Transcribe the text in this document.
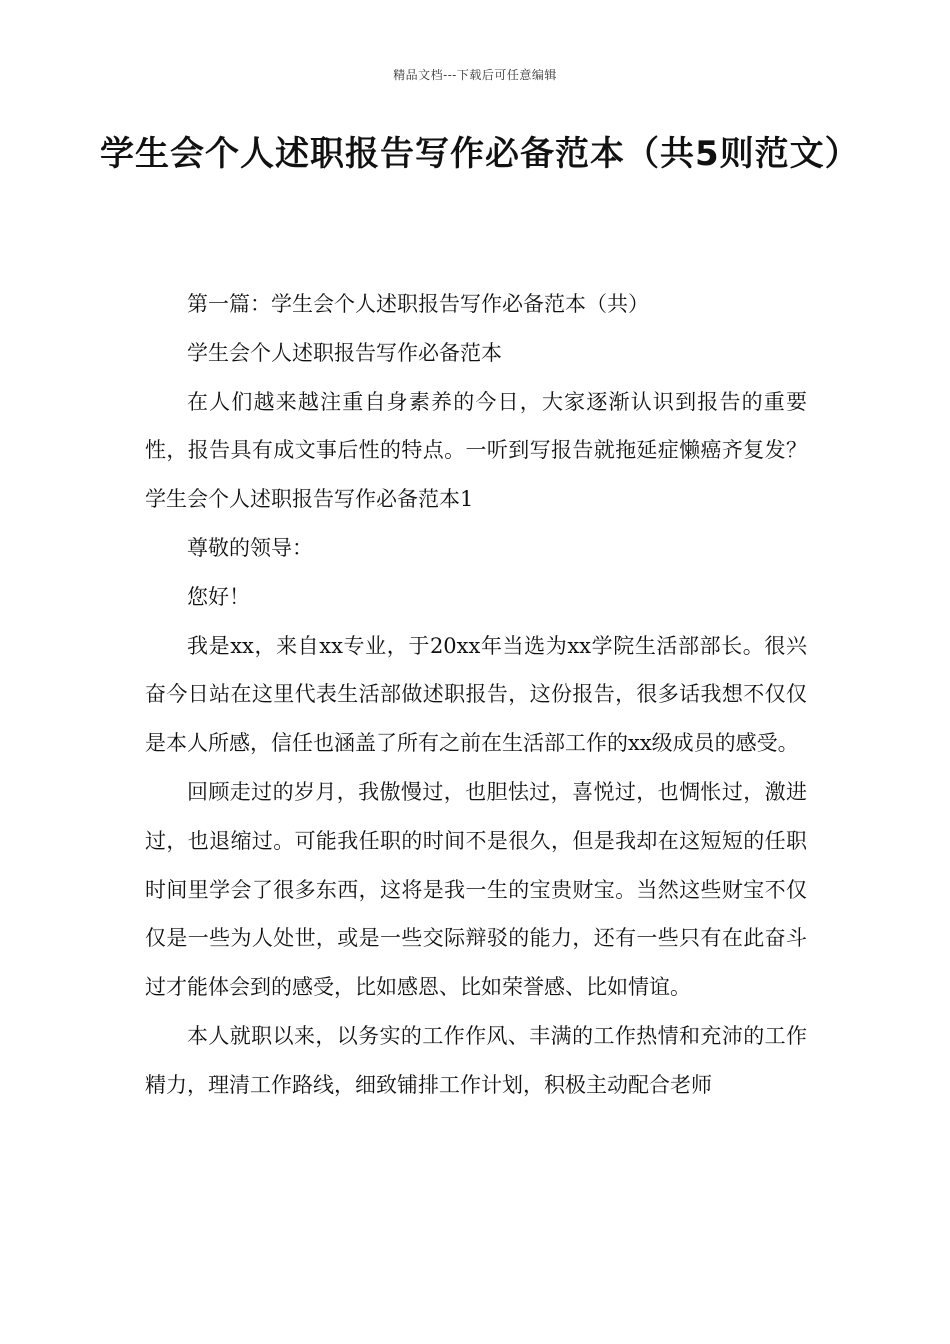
精品文档---下载后可任意编辑
学生会个人述职报告写作必备范本（共5则范文）

第一篇：学生会个人述职报告写作必备范本（共）

学生会个人述职报告写作必备范本

在人们越来越注重自身素养的今日，大家逐渐认识到报告的重要性，报告具有成文事后性的特点。一听到写报告就拖延症懒癌齐复发？学生会个人述职报告写作必备范本1

尊敬的领导：

您好！

我是xx，来自xx专业，于20xx年当选为xx学院生活部部长。很兴奋今日站在这里代表生活部做述职报告，这份报告，很多话我想不仅仅是本人所感，信任也涵盖了所有之前在生活部工作的xx级成员的感受。

回顾走过的岁月，我傲慢过，也胆怯过，喜悦过，也惆怅过，激进过，也退缩过。可能我任职的时间不是很久，但是我却在这短短的任职时间里学会了很多东西，这将是我一生的宝贵财宝。当然这些财宝不仅仅是一些为人处世，或是一些交际辩驳的能力，还有一些只有在此奋斗过才能体会到的感受，比如感恩、比如荣誉感、比如情谊。

本人就职以来，以务实的工作作风、丰满的工作热情和充沛的工作精力，理清工作路线，细致铺排工作计划，积极主动配合老师
